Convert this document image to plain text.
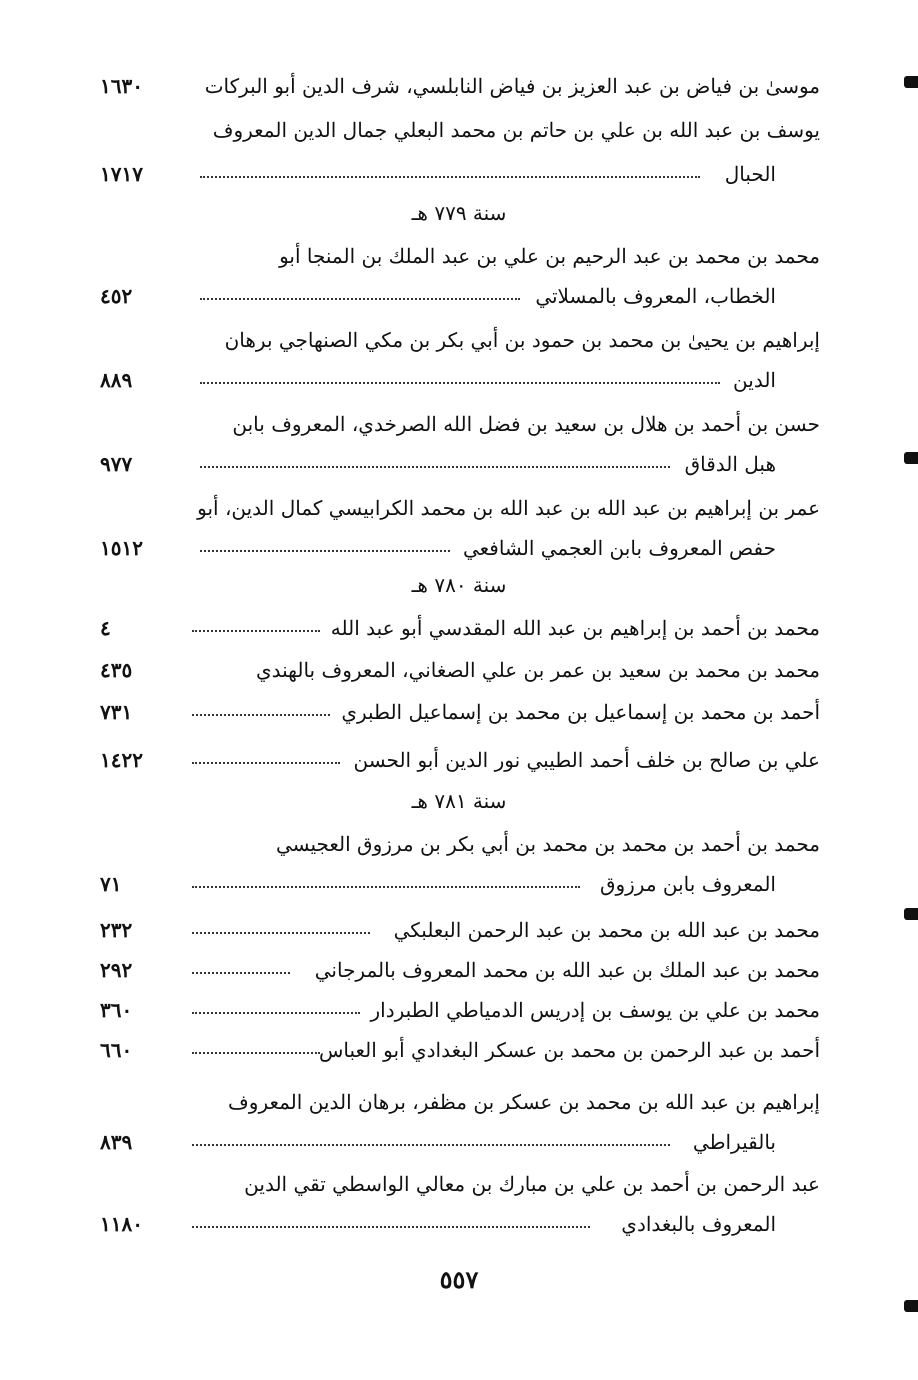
موسىٰ بن فياض بن عبد العزيز بن فياض النابلسي، شرف الدين أبو البركات
١٦٣٠
يوسف بن عبد الله بن علي بن حاتم بن محمد البعلي جمال الدين المعروف
الحبال
١٧١٧
سنة ٧٧٩ هـ
محمد بن محمد بن عبد الرحيم بن علي بن عبد الملك بن المنجا أبو
الخطاب، المعروف بالمسلاتي
٤٥٢
إبراهيم بن يحيىٰ بن محمد بن حمود بن أبي بكر بن مكي الصنهاجي برهان
الدين
٨٨٩
حسن بن أحمد بن هلال بن سعيد بن فضل الله الصرخدي، المعروف بابن
هبل الدقاق
٩٧٧
عمر بن إبراهيم بن عبد الله بن عبد الله بن محمد الكرابيسي كمال الدين، أبو
حفص المعروف بابن العجمي الشافعي
١٥١٢
سنة ٧٨٠ هـ
محمد بن أحمد بن إبراهيم بن عبد الله المقدسي أبو عبد الله
٤
محمد بن محمد بن سعيد بن عمر بن علي الصغاني، المعروف بالهندي
٤٣٥
أحمد بن محمد بن إسماعيل بن محمد بن إسماعيل الطبري
٧٣١
علي بن صالح بن خلف أحمد الطيبي نور الدين أبو الحسن
١٤٢٢
سنة ٧٨١ هـ
محمد بن أحمد بن محمد بن محمد بن أبي بكر بن مرزوق العجيسي
المعروف بابن مرزوق
٧١
محمد بن عبد الله بن محمد بن عبد الرحمن البعلبكي
٢٣٢
محمد بن عبد الملك بن عبد الله بن محمد المعروف بالمرجاني
٢٩٢
محمد بن علي بن يوسف بن إدريس الدمياطي الطبردار
٣٦٠
أحمد بن عبد الرحمن بن محمد بن عسكر البغدادي أبو العباس
٦٦٠
إبراهيم بن عبد الله بن محمد بن عسكر بن مظفر، برهان الدين المعروف
بالقيراطي
٨٣٩
عبد الرحمن بن أحمد بن علي بن مبارك بن معالي الواسطي تقي الدين
المعروف بالبغدادي
١١٨٠
٥٥٧
